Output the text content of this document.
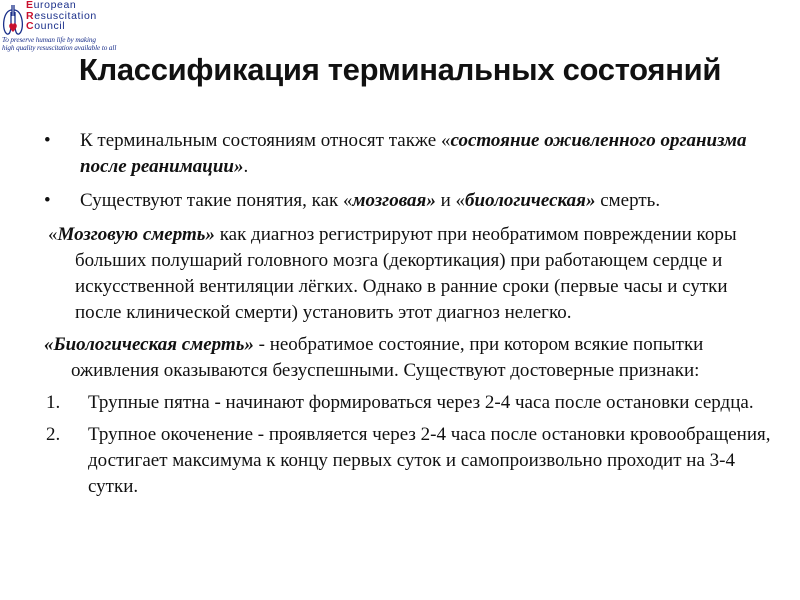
European
Resuscitation
Council
To preserve human life by making
high quality resuscitation available to all
Классификация терминальных состояний

• К терминальным состояниям относят также «состояние оживленного организма после реанимации».

• Существуют такие понятия, как «мозговая» и «биологическая» смерть.

«Мозговую смерть» как диагноз регистрируют при необратимом повреждении коры больших полушарий головного мозга (декортикация) при работающем сердце и искусственной вентиляции лёгких. Однако в ранние сроки (первые часы и сутки после клинической смерти) установить этот диагноз нелегко.

«Биологическая смерть» - необратимое состояние, при котором всякие попытки оживления оказываются безуспешными. Существуют достоверные признаки:

1. Трупные пятна - начинают формироваться через 2-4 часа после остановки сердца.

2. Трупное окоченение - проявляется через 2-4 часа после остановки кровообращения, достигает максимума к концу первых суток и самопроизвольно проходит на 3-4 сутки.
